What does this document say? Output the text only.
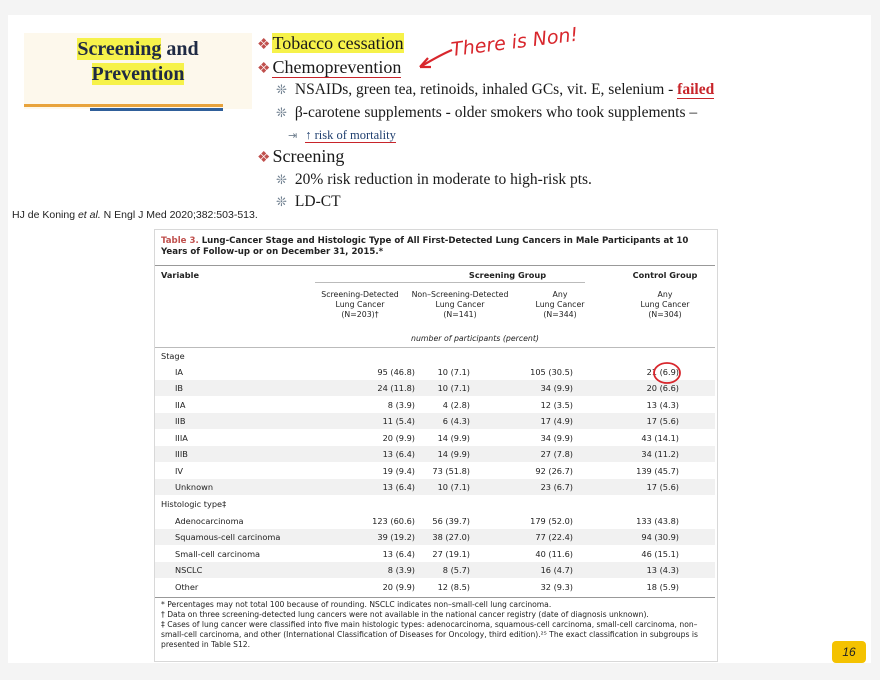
Screening and
Prevention
❖ Tobacco cessation
❖ Chemoprevention
❊ NSAIDs, green tea, retinoids, inhaled GCs, vit. E, selenium - failed
❊ β-carotene supplements - older smokers who took supplements –
⇥ ↑ risk of mortality
❖ Screening
❊ 20% risk reduction in moderate to high-risk pts.
❊ LD-CT
HJ de Koning et al. N Engl J Med 2020;382:503-513.
Table 3. Lung-Cancer Stage and Histologic Type of All First-Detected Lung Cancers in Male Participants at 10 Years of Follow-up or on December 31, 2015.*
Variable	Screening Group	Control Group
Screening-Detected
Lung Cancer
(N=203)†
Non–Screening-Detected
Lung Cancer
(N=141)
Any
Lung Cancer
(N=344)
Any
Lung Cancer
(N=304)
number of participants (percent)
Stage
IA	95 (46.8)	10 (7.1)	105 (30.5)	21 (6.9)
IB	24 (11.8)	10 (7.1)	34 (9.9)	20 (6.6)
IIA	8 (3.9)	4 (2.8)	12 (3.5)	13 (4.3)
IIB	11 (5.4)	6 (4.3)	17 (4.9)	17 (5.6)
IIIA	20 (9.9)	14 (9.9)	34 (9.9)	43 (14.1)
IIIB	13 (6.4)	14 (9.9)	27 (7.8)	34 (11.2)
IV	19 (9.4)	73 (51.8)	92 (26.7)	139 (45.7)
Unknown	13 (6.4)	10 (7.1)	23 (6.7)	17 (5.6)
Histologic type‡
Adenocarcinoma	123 (60.6)	56 (39.7)	179 (52.0)	133 (43.8)
Squamous-cell carcinoma	39 (19.2)	38 (27.0)	77 (22.4)	94 (30.9)
Small-cell carcinoma	13 (6.4)	27 (19.1)	40 (11.6)	46 (15.1)
NSCLC	8 (3.9)	8 (5.7)	16 (4.7)	13 (4.3)
Other	20 (9.9)	12 (8.5)	32 (9.3)	18 (5.9)
* Percentages may not total 100 because of rounding. NSCLC indicates non–small-cell lung carcinoma.
† Data on three screening-detected lung cancers were not available in the national cancer registry (date of diagnosis unknown).
‡ Cases of lung cancer were classified into five main histologic types: adenocarcinoma, squamous-cell carcinoma, small-cell carcinoma, non–small-cell carcinoma, and other (International Classification of Diseases for Oncology, third edition).²⁵ The exact classification in subgroups is presented in Table S12.
There is Non!
16
